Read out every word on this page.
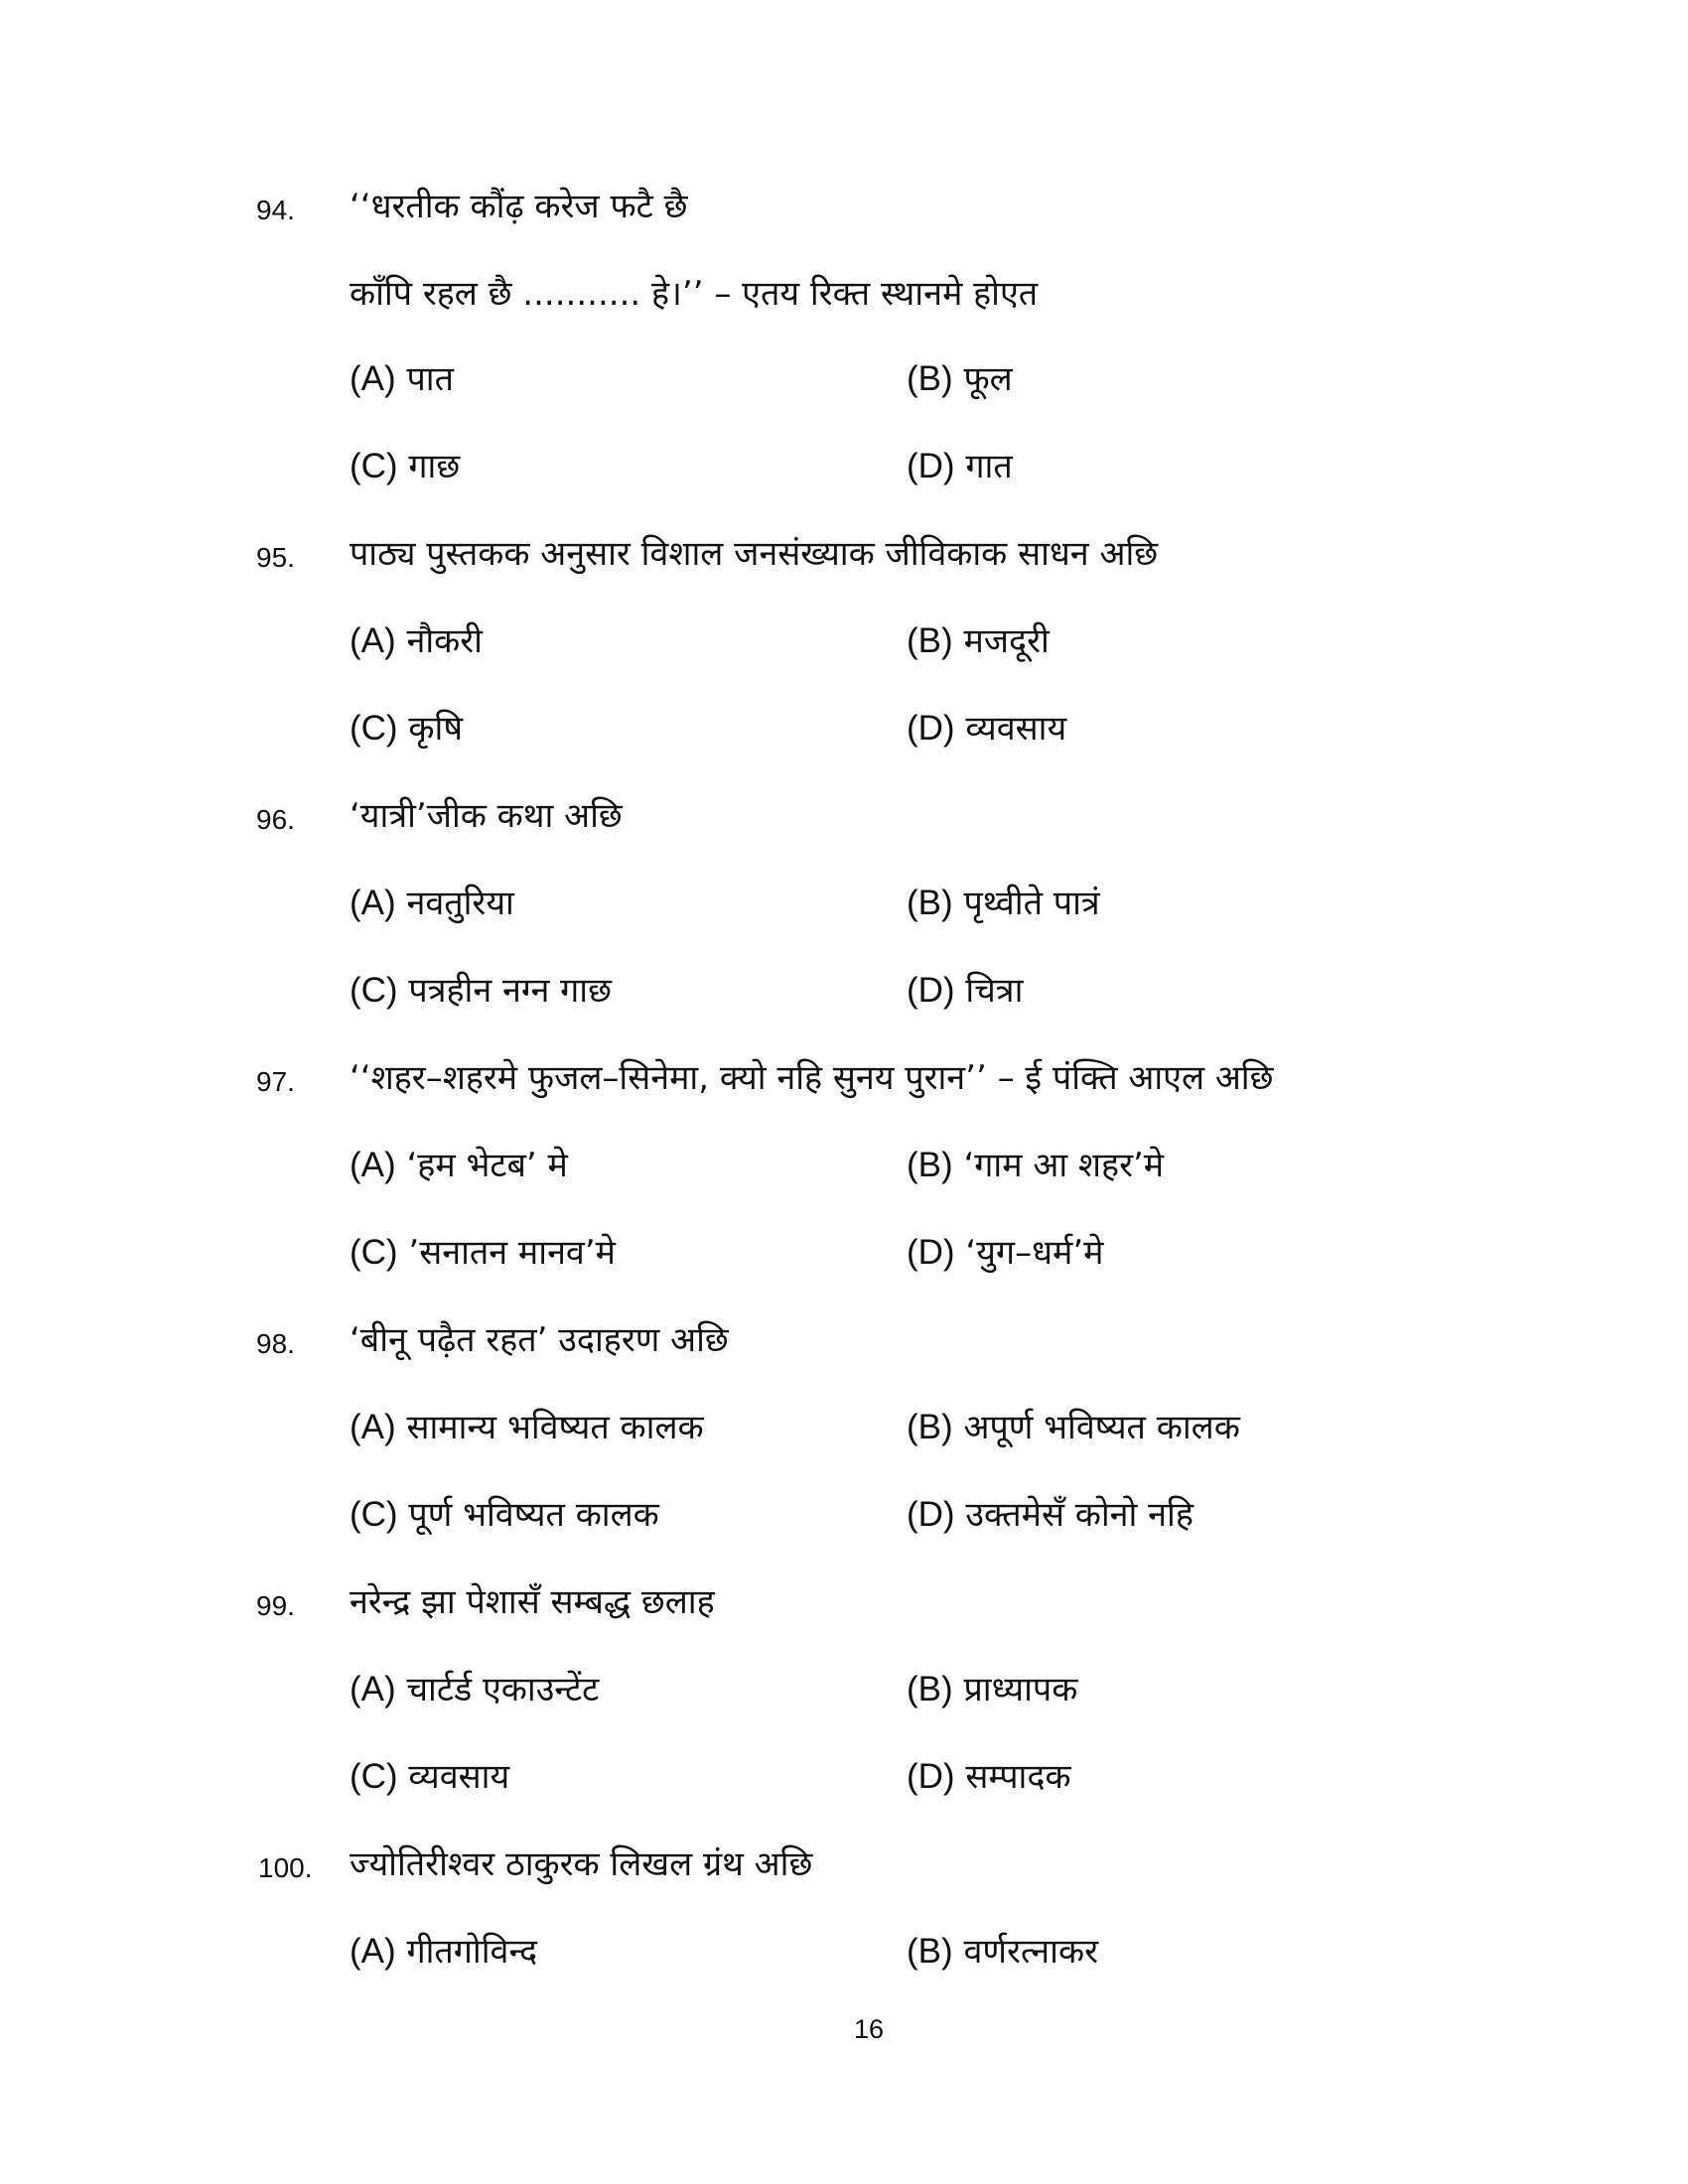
94. ‘‘धरतीक कौंढ़ करेज फटै छै
काँपि रहल छै ........... हे।’’ – एतय रिक्त स्थानमे होएत
(A) पात	(B) फूल
(C) गाछ	(D) गात
95. पाठ्य पुस्तकक अनुसार विशाल जनसंख्याक जीविकाक साधन अछि
(A) नौकरी	(B) मजदूरी
(C) कृषि	(D) व्यवसाय
96. ‘यात्री’जीक कथा अछि
(A) नवतुरिया	(B) पृथ्वीते पात्रं
(C) पत्रहीन नग्न गाछ	(D) चित्रा
97. ‘‘शहर–शहरमे फुजल–सिनेमा, क्यो नहि सुनय पुरान’’ – ई पंक्ति आएल अछि
(A) ‘हम भेटब’ मे	(B) ‘गाम आ शहर’मे
(C) ’सनातन मानव’मे	(D) ‘युग–धर्म’मे
98. ‘बीनू पढ़ैत रहत’ उदाहरण अछि
(A) सामान्य भविष्यत कालक	(B) अपूर्ण भविष्यत कालक
(C) पूर्ण भविष्यत कालक	(D) उक्तमेसँ कोनो नहि
99. नरेन्द्र झा पेशासँ सम्बद्ध छलाह
(A) चार्टर्ड एकाउन्टेंट	(B) प्राध्यापक
(C) व्यवसाय	(D) सम्पादक
100. ज्योतिरीश्वर ठाकुरक लिखल ग्रंथ अछि
(A) गीतगोविन्द	(B) वर्णरत्नाकर
16
